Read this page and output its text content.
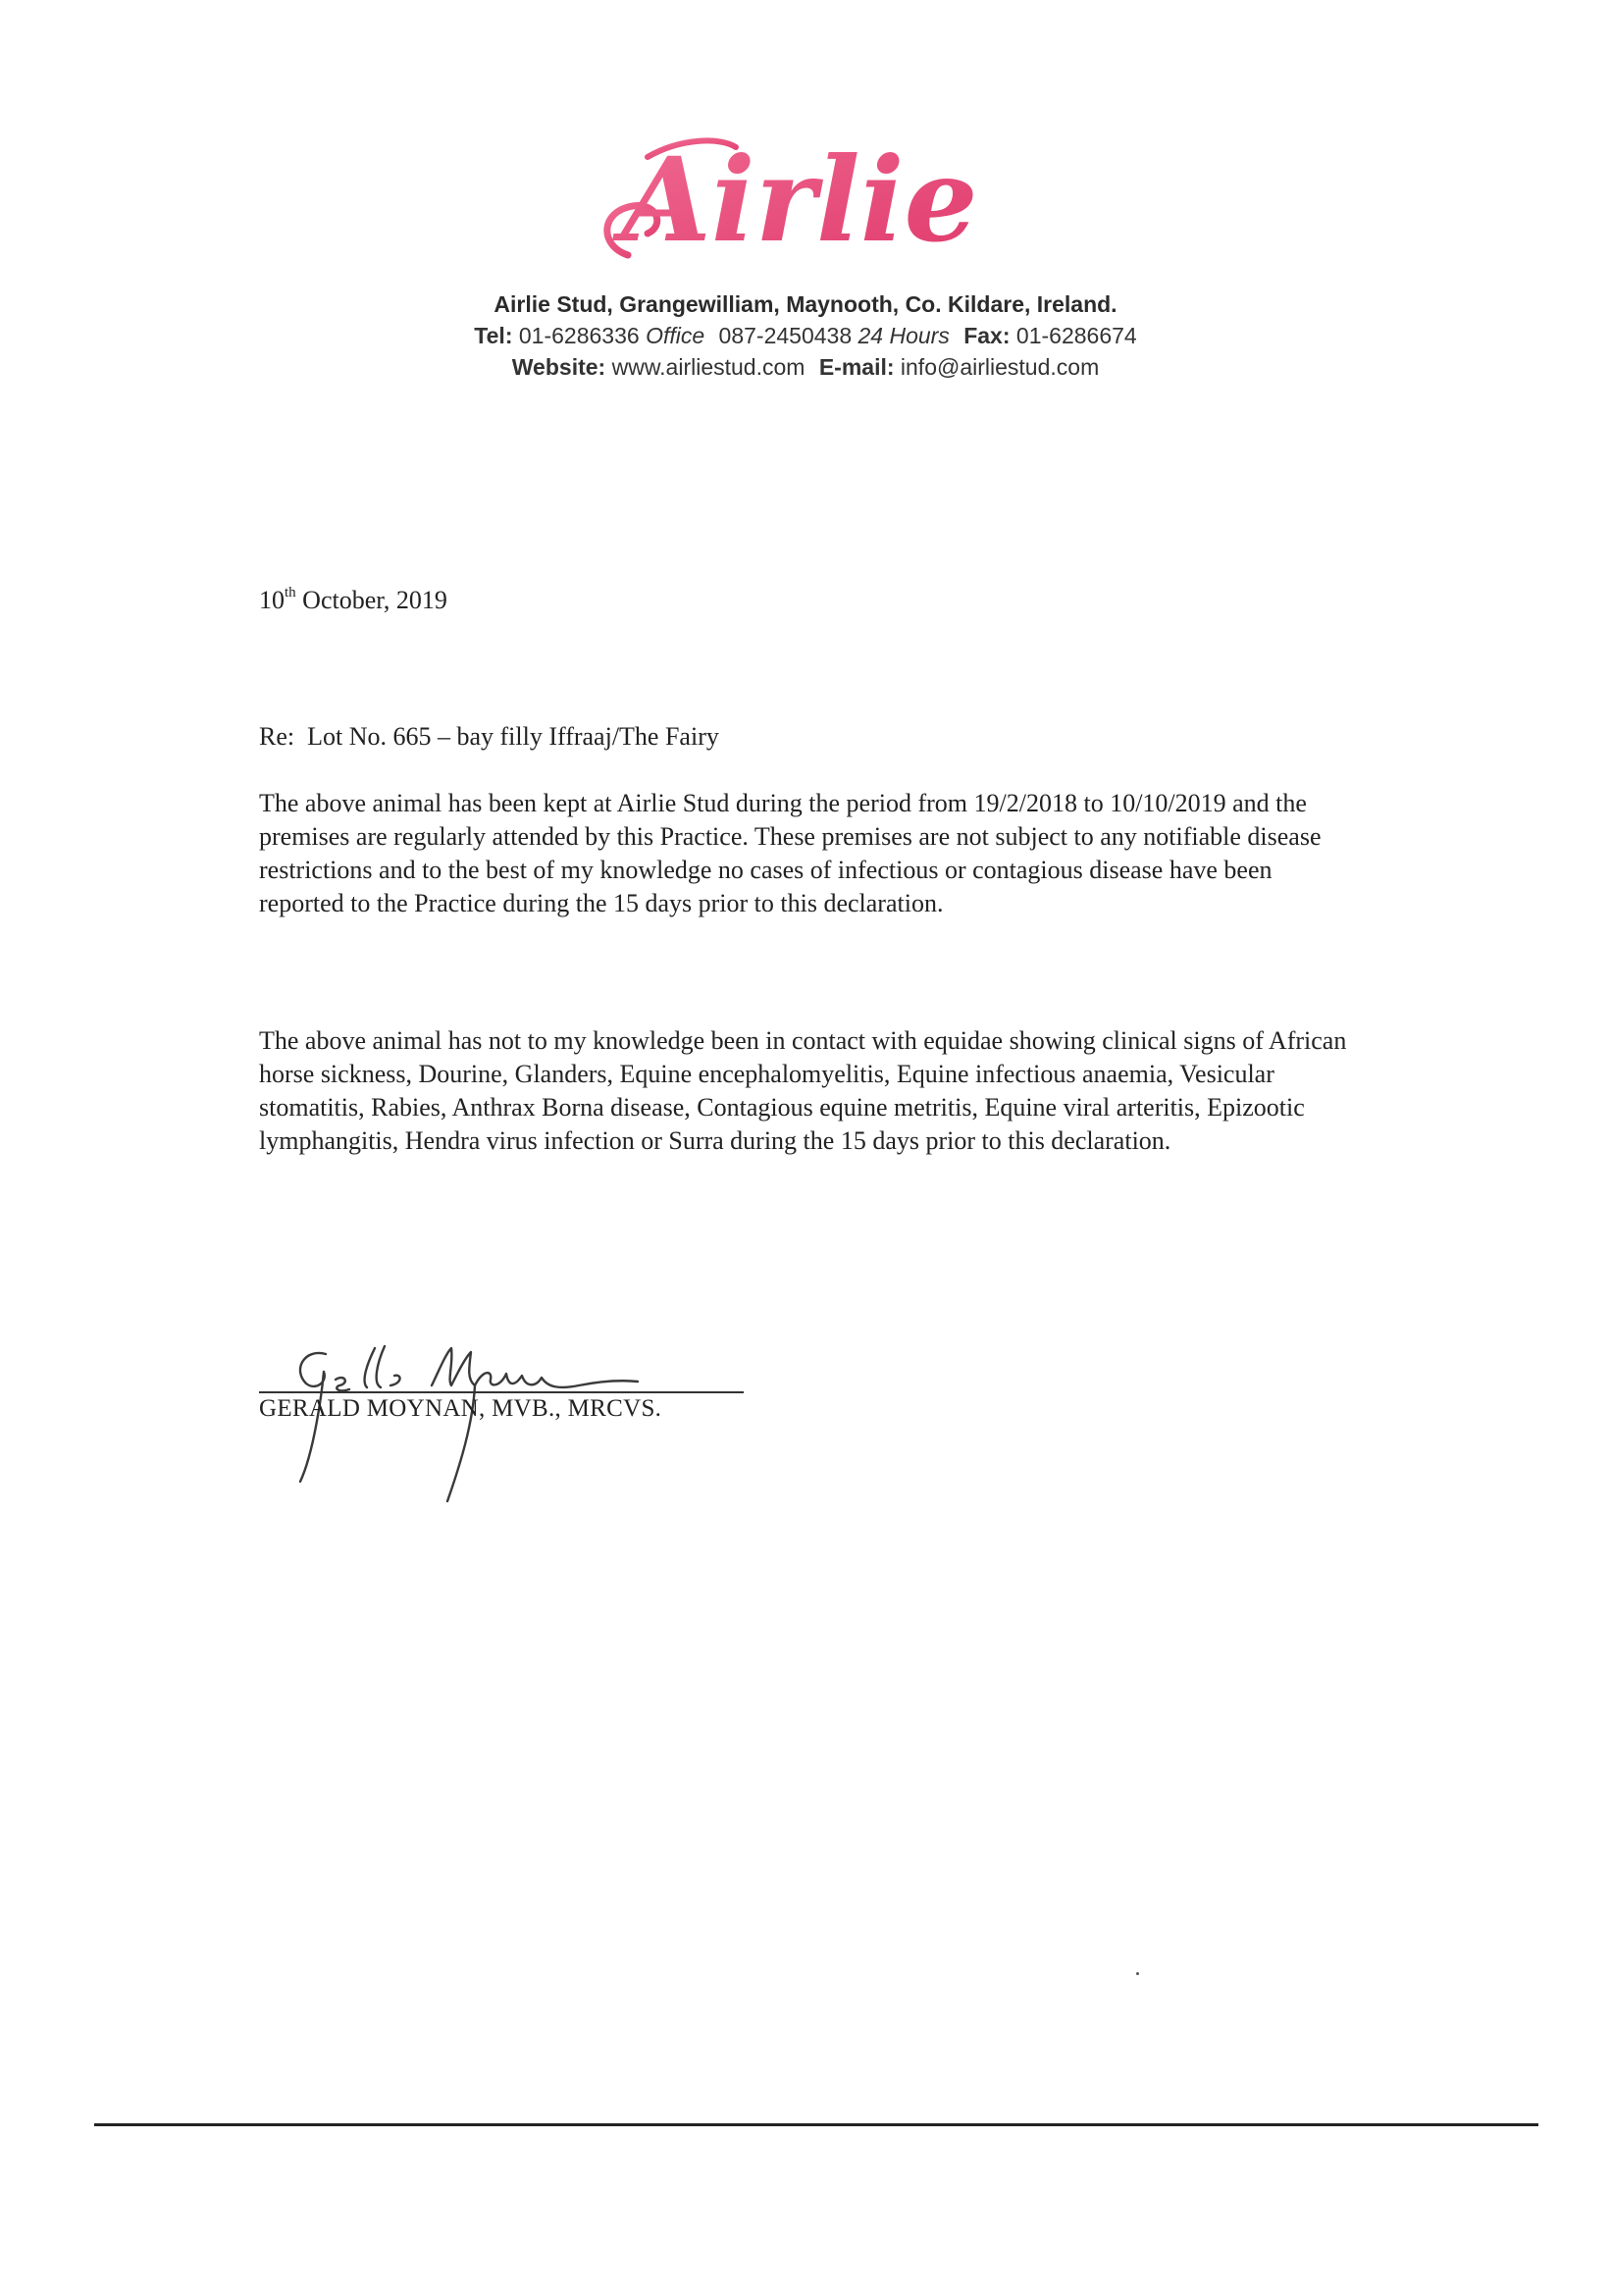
Airlie
Airlie Stud, Grangewilliam, Maynooth, Co. Kildare, Ireland.
Tel: 01-6286336 Office 087-2450438 24 Hours Fax: 01-6286674
Website: www.airliestud.com E-mail: info@airliestud.com
10th October, 2019
Re:  Lot No. 665 – bay filly Iffraaj/The Fairy
The above animal has been kept at Airlie Stud during the period from 19/2/2018 to 10/10/2019 and the premises are regularly attended by this Practice. These premises are not subject to any notifiable disease restrictions and to the best of my knowledge no cases of infectious or contagious disease have been reported to the Practice during the 15 days prior to this declaration.
The above animal has not to my knowledge been in contact with equidae showing clinical signs of African horse sickness, Dourine, Glanders, Equine encephalomyelitis, Equine infectious anaemia, Vesicular stomatitis, Rabies, Anthrax Borna disease, Contagious equine metritis, Equine viral arteritis, Epizootic lymphangitis, Hendra virus infection or Surra during the 15 days prior to this declaration.
GERALD MOYNAN, MVB., MRCVS.
